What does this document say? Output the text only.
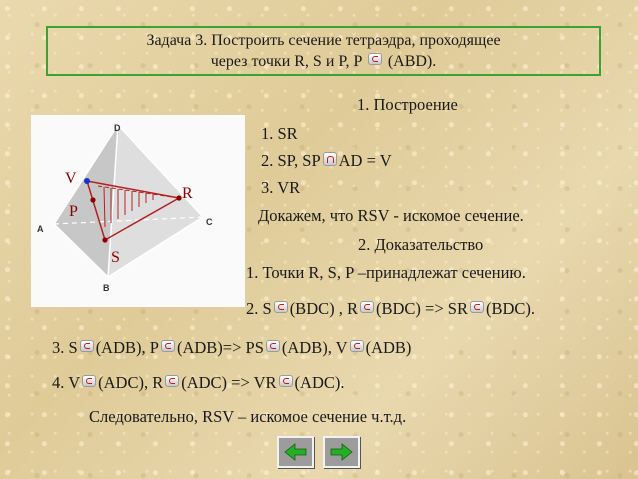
Задача 3. Построить сечение тетраэдра, проходящее
через точки R, S и P, P (ABD).
1. Построение
1. SR
2. SP, SP AD = V
3. VR
Докажем, что RSV - искомое сечение.
2. Доказательство
1. Точки R, S, P –принадлежат сечению.
2. S (BDC) , R (BDC) => SR (BDC).
3. S (ADB), P (ADB)=> PS (ADB), V (ADB)
4. V (ADC), R (ADC) => VR (ADC).
Следовательно, RSV – искомое сечение ч.т.д.
D
A
C
B
V
P
R
S
